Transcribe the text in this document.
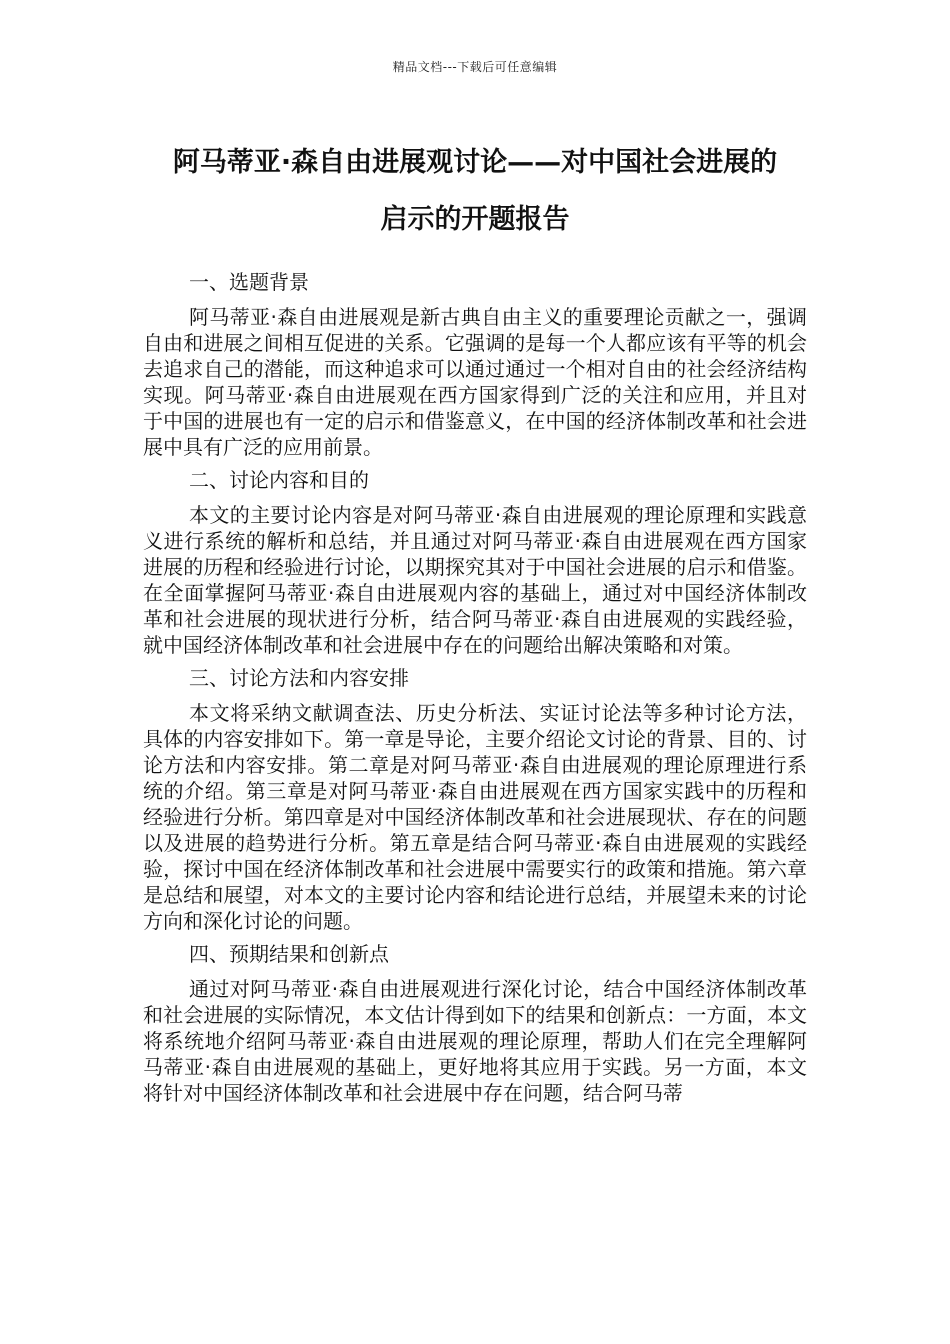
精品文档---下载后可任意编辑
阿马蒂亚·森自由进展观讨论——对中国社会进展的
启示的开题报告

一、选题背景

阿马蒂亚·森自由进展观是新古典自由主义的重要理论贡献之一，强调自由和进展之间相互促进的关系。它强调的是每一个人都应该有平等的机会去追求自己的潜能，而这种追求可以通过通过一个相对自由的社会经济结构实现。阿马蒂亚·森自由进展观在西方国家得到广泛的关注和应用，并且对于中国的进展也有一定的启示和借鉴意义，在中国的经济体制改革和社会进展中具有广泛的应用前景。

二、讨论内容和目的

本文的主要讨论内容是对阿马蒂亚·森自由进展观的理论原理和实践意义进行系统的解析和总结，并且通过对阿马蒂亚·森自由进展观在西方国家进展的历程和经验进行讨论，以期探究其对于中国社会进展的启示和借鉴。在全面掌握阿马蒂亚·森自由进展观内容的基础上，通过对中国经济体制改革和社会进展的现状进行分析，结合阿马蒂亚·森自由进展观的实践经验，就中国经济体制改革和社会进展中存在的问题给出解决策略和对策。

三、讨论方法和内容安排

本文将采纳文献调查法、历史分析法、实证讨论法等多种讨论方法，具体的内容安排如下。第一章是导论，主要介绍论文讨论的背景、目的、讨论方法和内容安排。第二章是对阿马蒂亚·森自由进展观的理论原理进行系统的介绍。第三章是对阿马蒂亚·森自由进展观在西方国家实践中的历程和经验进行分析。第四章是对中国经济体制改革和社会进展现状、存在的问题以及进展的趋势进行分析。第五章是结合阿马蒂亚·森自由进展观的实践经验，探讨中国在经济体制改革和社会进展中需要实行的政策和措施。第六章是总结和展望，对本文的主要讨论内容和结论进行总结，并展望未来的讨论方向和深化讨论的问题。

四、预期结果和创新点

通过对阿马蒂亚·森自由进展观进行深化讨论，结合中国经济体制改革和社会进展的实际情况，本文估计得到如下的结果和创新点：一方面，本文将系统地介绍阿马蒂亚·森自由进展观的理论原理，帮助人们在完全理解阿马蒂亚·森自由进展观的基础上，更好地将其应用于实践。另一方面，本文将针对中国经济体制改革和社会进展中存在问题，结合阿马蒂
